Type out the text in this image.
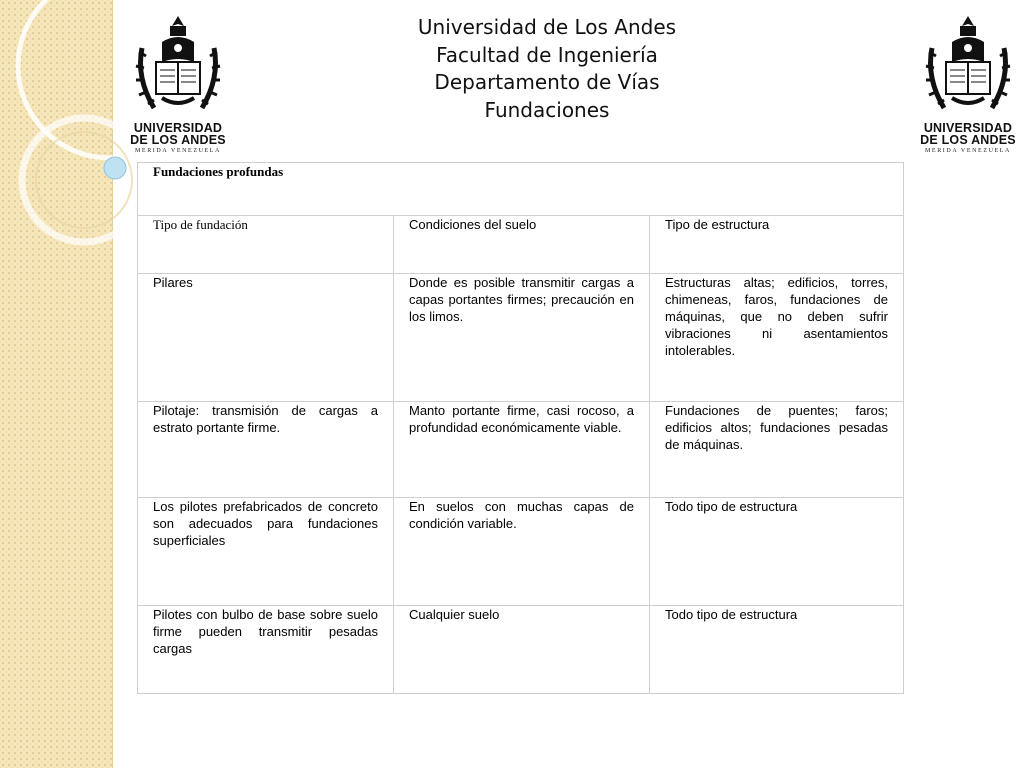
UNIVERSIDAD
DE LOS ANDES
MERIDA VENEZUELA
UNIVERSIDAD
DE LOS ANDES
MERIDA VENEZUELA
Universidad de Los Andes
Facultad de Ingeniería
Departamento de Vías
Fundaciones
Fundaciones profundas		
Tipo de fundación	Condiciones del suelo	Tipo de estructura
Pilares	Donde es posible transmitir cargas a capas portantes firmes; precaución en los limos.	Estructuras altas; edificios, torres, chimeneas, faros, fundaciones de máquinas, que no deben sufrir vibraciones ni asentamientos intolerables.
Pilotaje: transmisión de cargas a estrato portante firme.	Manto portante firme, casi rocoso, a profundidad económicamente viable.	Fundaciones de puentes; faros; edificios altos; fundaciones pesadas de máquinas.
Los pilotes prefabricados de concreto son adecuados para fundaciones superficiales	En suelos con muchas capas de condición variable.	Todo tipo de estructura
Pilotes con bulbo de base sobre suelo firme pueden transmitir pesadas cargas	Cualquier suelo	Todo tipo de estructura
